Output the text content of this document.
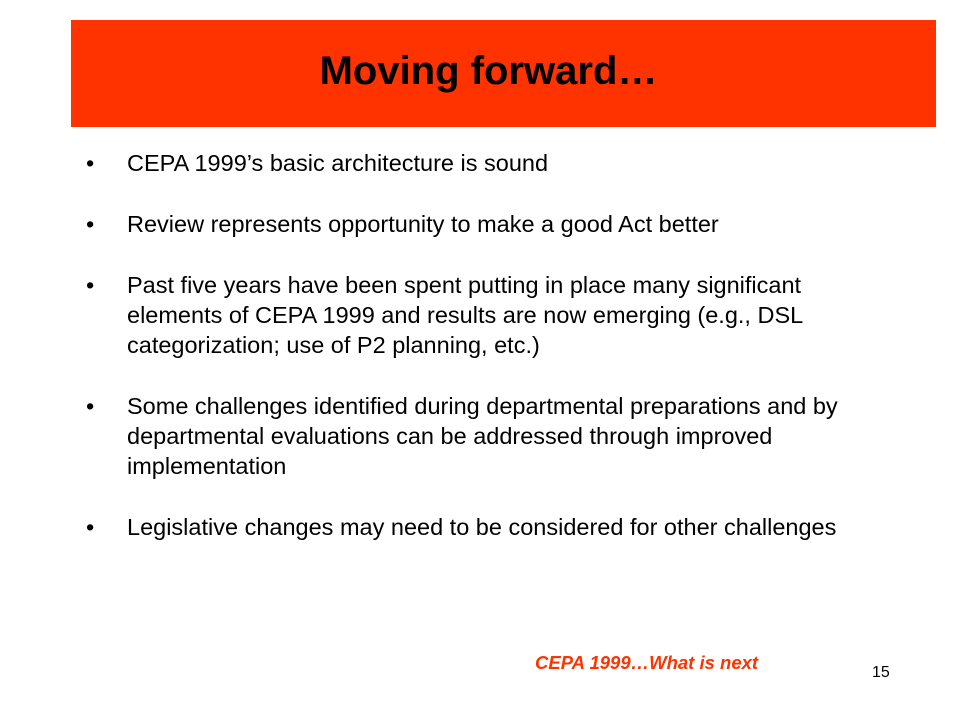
Moving forward…
• CEPA 1999’s basic architecture is sound
• Review represents opportunity to make a good Act better
• Past five years have been spent putting in place many significant elements of CEPA 1999 and results are now emerging (e.g., DSL categorization; use of P2 planning, etc.)
• Some challenges identified during departmental preparations and by departmental evaluations can be addressed through improved implementation
• Legislative changes may need to be considered for other challenges
CEPA 1999…What is next	15
